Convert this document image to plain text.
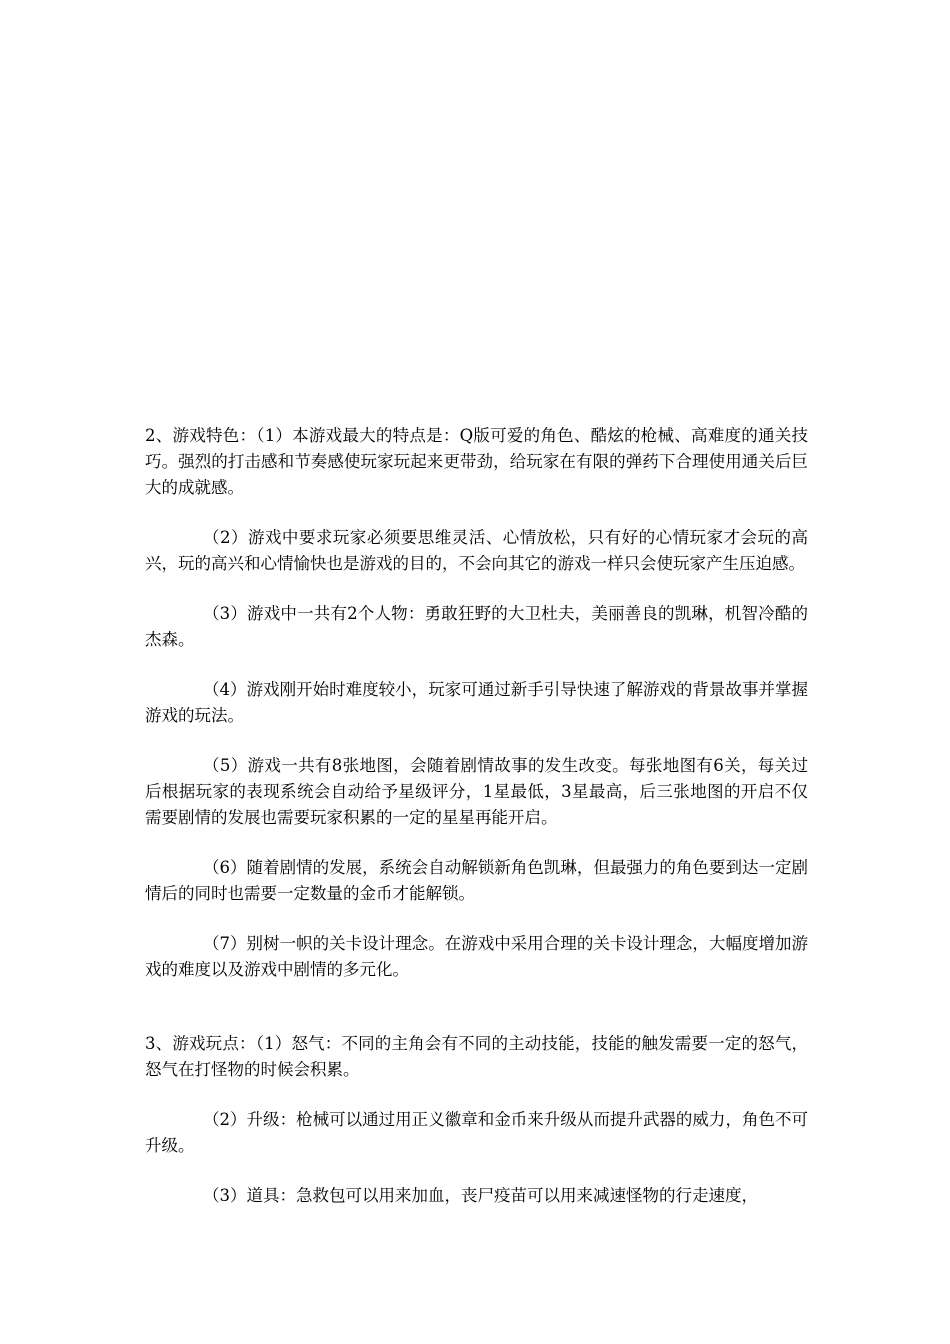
2、游戏特色：（1）本游戏最大的特点是：Q版可爱的角色、酷炫的枪械、高难度的通关技巧。强烈的打击感和节奏感使玩家玩起来更带劲，给玩家在有限的弹药下合理使用通关后巨大的成就感。

（2）游戏中要求玩家必须要思维灵活、心情放松，只有好的心情玩家才会玩的高兴，玩的高兴和心情愉快也是游戏的目的，不会向其它的游戏一样只会使玩家产生压迫感。

（3）游戏中一共有2个人物：勇敢狂野的大卫杜夫，美丽善良的凯琳，机智冷酷的杰森。

（4）游戏刚开始时难度较小，玩家可通过新手引导快速了解游戏的背景故事并掌握游戏的玩法。

（5）游戏一共有8张地图，会随着剧情故事的发生改变。每张地图有6关，每关过后根据玩家的表现系统会自动给予星级评分，1星最低，3星最高，后三张地图的开启不仅需要剧情的发展也需要玩家积累的一定的星星再能开启。

（6）随着剧情的发展，系统会自动解锁新角色凯琳，但最强力的角色要到达一定剧情后的同时也需要一定数量的金币才能解锁。

（7）别树一帜的关卡设计理念。在游戏中采用合理的关卡设计理念，大幅度增加游戏的难度以及游戏中剧情的多元化。

3、游戏玩点：（1）怒气：不同的主角会有不同的主动技能，技能的触发需要一定的怒气，怒气在打怪物的时候会积累。

（2）升级：枪械可以通过用正义徽章和金币来升级从而提升武器的威力，角色不可升级。

（3）道具：急救包可以用来加血，丧尸疫苗可以用来减速怪物的行走速度，
